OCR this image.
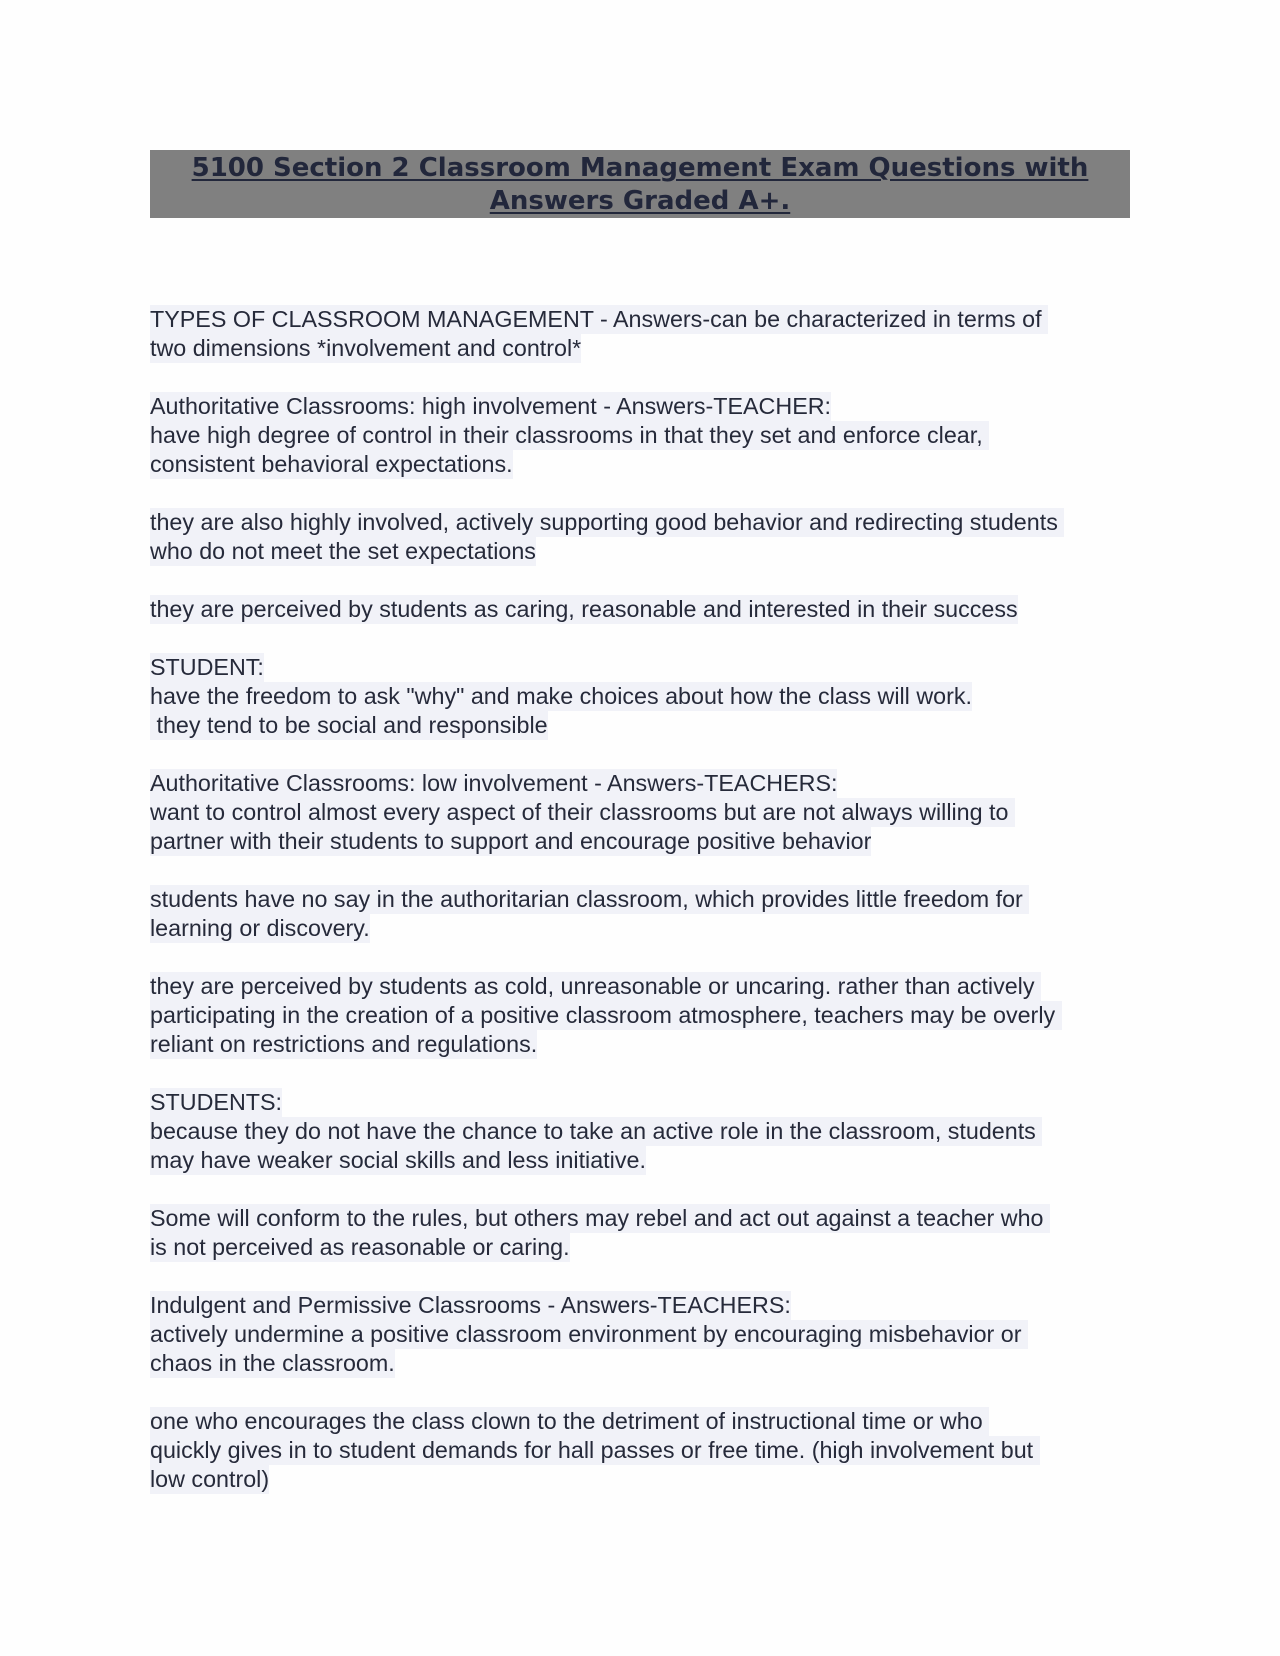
5100 Section 2 Classroom Management Exam Questions with
Answers Graded A+.
TYPES OF CLASSROOM MANAGEMENT - Answers-can be characterized in terms of
two dimensions *involvement and control*
Authoritative Classrooms: high involvement - Answers-TEACHER:
have high degree of control in their classrooms in that they set and enforce clear,
consistent behavioral expectations.
they are also highly involved, actively supporting good behavior and redirecting students
who do not meet the set expectations
they are perceived by students as caring, reasonable and interested in their success
STUDENT:
have the freedom to ask "why" and make choices about how the class will work.
they tend to be social and responsible
Authoritative Classrooms: low involvement - Answers-TEACHERS:
want to control almost every aspect of their classrooms but are not always willing to
partner with their students to support and encourage positive behavior
students have no say in the authoritarian classroom, which provides little freedom for
learning or discovery.
they are perceived by students as cold, unreasonable or uncaring. rather than actively
participating in the creation of a positive classroom atmosphere, teachers may be overly
reliant on restrictions and regulations.
STUDENTS:
because they do not have the chance to take an active role in the classroom, students
may have weaker social skills and less initiative.
Some will conform to the rules, but others may rebel and act out against a teacher who
is not perceived as reasonable or caring.
Indulgent and Permissive Classrooms - Answers-TEACHERS:
actively undermine a positive classroom environment by encouraging misbehavior or
chaos in the classroom.
one who encourages the class clown to the detriment of instructional time or who
quickly gives in to student demands for hall passes or free time. (high involvement but
low control)
